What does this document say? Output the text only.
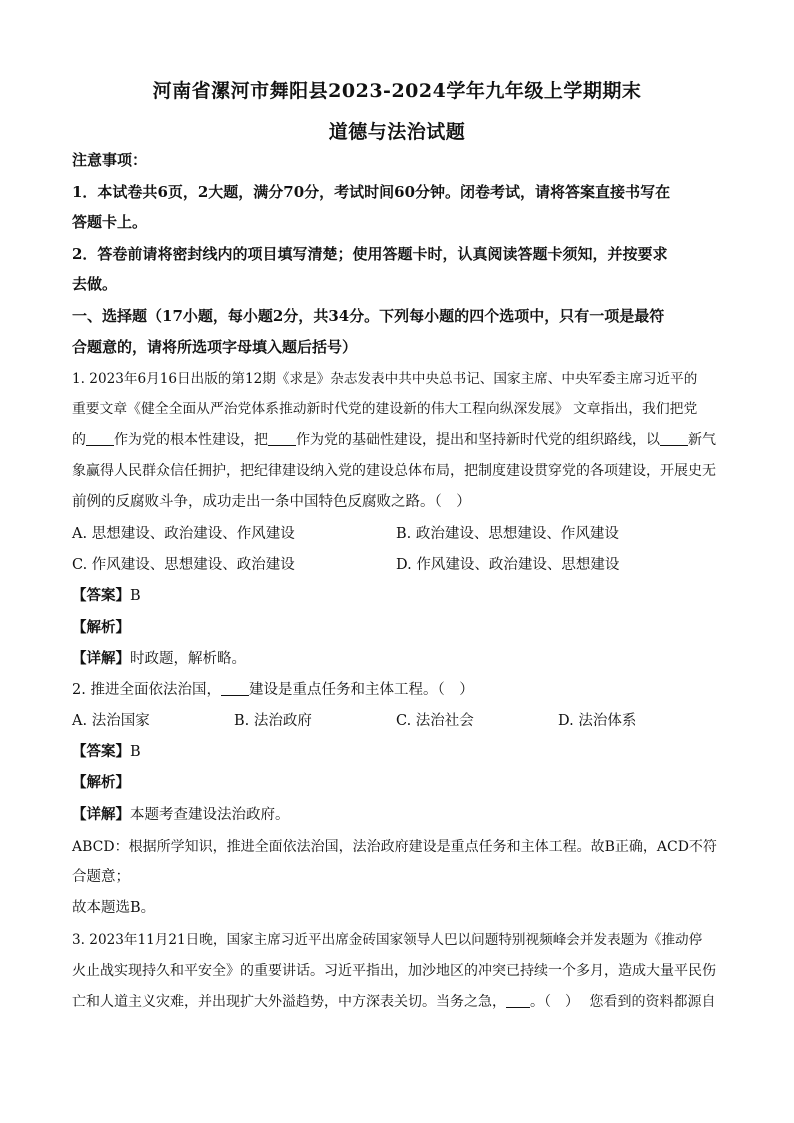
河南省漯河市舞阳县2023-2024学年九年级上学期期末
道德与法治试题
注意事项：
1．本试卷共6页，2大题，满分70分，考试时间60分钟。闭卷考试，请将答案直接书写在
答题卡上。
2．答卷前请将密封线内的项目填写清楚；使用答题卡时，认真阅读答题卡须知，并按要求
去做。
一、选择题（17小题，每小题2分，共34分。下列每小题的四个选项中，只有一项是最符
合题意的，请将所选项字母填入题后括号）
1. 2023年6月16日出版的第12期《求是》杂志发表中共中央总书记、国家主席、中央军委主席习近平的
重要文章《健全全面从严治党体系推动新时代党的建设新的伟大工程向纵深发展》 文章指出，我们把党
的 作为党的根本性建设，把 作为党的基础性建设，提出和坚持新时代党的组织路线，以 新气
象赢得人民群众信任拥护，把纪律建设纳入党的建设总体布局，把制度建设贯穿党的各项建设，开展史无
前例的反腐败斗争，成功走出一条中国特色反腐败之路。（　）
A. 思想建设、政治建设、作风建设	B. 政治建设、思想建设、作风建设
C. 作风建设、思想建设、政治建设	D. 作风建设、政治建设、思想建设
【答案】B
【解析】
【详解】时政题，解析略。
2. 推进全面依法治国， 建设是重点任务和主体工程。（　）
A. 法治国家	B. 法治政府	C. 法治社会	D. 法治体系
【答案】B
【解析】
【详解】本题考查建设法治政府。
ABCD：根据所学知识，推进全面依法治国，法治政府建设是重点任务和主体工程。故B正确，ACD不符
合题意；
故本题选B。
3. 2023年11月21日晚，国家主席习近平出席金砖国家领导人巴以问题特别视频峰会并发表题为《推动停
火止战实现持久和平安全》的重要讲话。习近平指出，加沙地区的冲突已持续一个多月，造成大量平民伤
亡和人道主义灾难，并出现扩大外溢趋势，中方深表关切。当务之急， 。（　） 您看到的资料都源自
